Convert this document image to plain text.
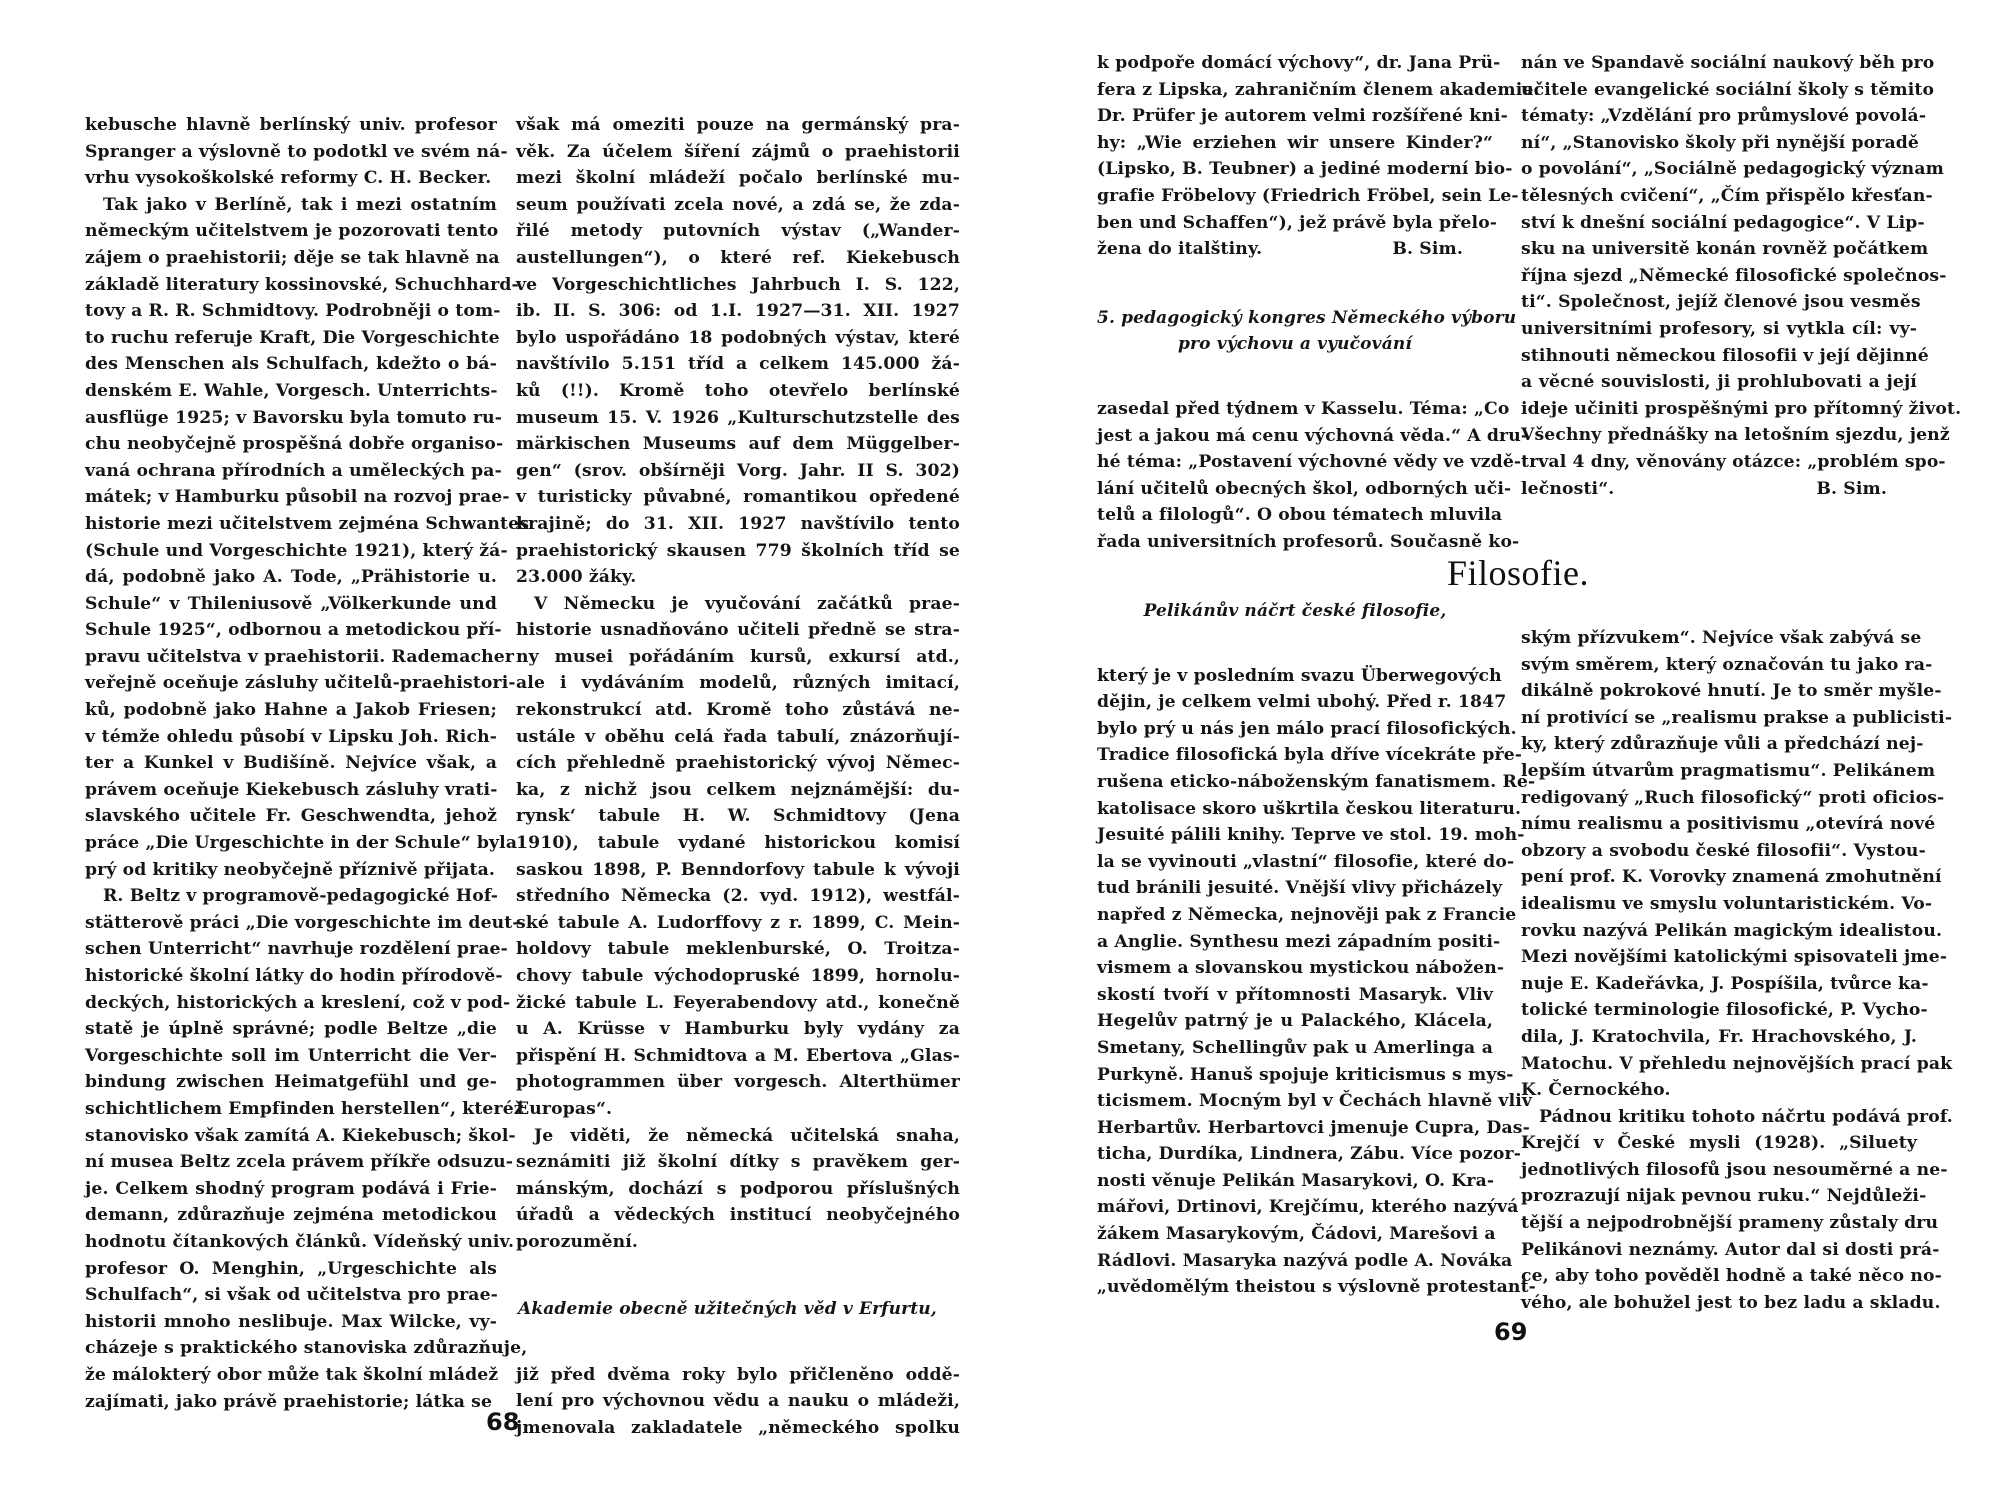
kebusche hlavně berlínský univ. profesor
Spranger a výslovně to podotkl ve svém ná-
vrhu vysokoškolské reformy C. H. Becker.
Tak jako v Berlíně, tak i mezi ostatním
německým učitelstvem je pozorovati tento
zájem o praehistorii; děje se tak hlavně na
základě literatury kossinovské, Schuchhard-
tovy a R. R. Schmidtovy. Podrobněji o tom-
to ruchu referuje Kraft, Die Vorgeschichte
des Menschen als Schulfach, kdežto o bá-
denském E. Wahle, Vorgesch. Unterrichts-
ausflüge 1925; v Bavorsku byla tomuto ru-
chu neobyčejně prospěšná dobře organiso-
vaná ochrana přírodních a uměleckých pa-
mátek; v Hamburku působil na rozvoj prae-
historie mezi učitelstvem zejména Schwantes
(Schule und Vorgeschichte 1921), který žá-
dá, podobně jako A. Tode, „Prähistorie u.
Schule“ v Thileniusově „Völkerkunde und
Schule 1925“, odbornou a metodickou pří-
pravu učitelstva v praehistorii. Rademacher
veřejně oceňuje zásluhy učitelů-praehistori-
ků, podobně jako Hahne a Jakob Friesen;
v témže ohledu působí v Lipsku Joh. Rich-
ter a Kunkel v Budišíně. Nejvíce však, a
právem oceňuje Kiekebusch zásluhy vrati-
slavského učitele Fr. Geschwendta, jehož
práce „Die Urgeschichte in der Schule“ byla
prý od kritiky neobyčejně příznivě přijata.
R. Beltz v programově-pedagogické Hof-
stätterově práci „Die vorgeschichte im deut-
schen Unterricht“ navrhuje rozdělení prae-
historické školní látky do hodin přírodově-
deckých, historických a kreslení, což v pod-
statě je úplně správné; podle Beltze „die
Vorgeschichte soll im Unterricht die Ver-
bindung zwischen Heimatgefühl und ge-
schichtlichem Empfinden herstellen“, kteréž
stanovisko však zamítá A. Kiekebusch; škol-
ní musea Beltz zcela právem příkře odsuzu-
je. Celkem shodný program podává i Frie-
demann, zdůrazňuje zejména metodickou
hodnotu čítankových článků. Vídeňský univ.
profesor O. Menghin, „Urgeschichte als
Schulfach“, si však od učitelstva pro prae-
historii mnoho neslibuje. Max Wilcke, vy-
cházeje s praktického stanoviska zdůrazňuje,
že málokterý obor může tak školní mládež
zajímati, jako právě praehistorie; látka se
však má omeziti pouze na germánský pra-
věk. Za účelem šíření zájmů o praehistorii
mezi školní mládeží počalo berlínské mu-
seum používati zcela nové, a zdá se, že zda-
řilé metody putovních výstav („Wander-
austellungen“), o které ref. Kiekebusch
ve Vorgeschichtliches Jahrbuch I. S. 122,
ib. II. S. 306: od 1.I. 1927—31. XII. 1927
bylo uspořádáno 18 podobných výstav, které
navštívilo 5.151 tříd a celkem 145.000 žá-
ků (!!). Kromě toho otevřelo berlínské
museum 15. V. 1926 „Kulturschutzstelle des
märkischen Museums auf dem Müggelber-
gen“ (srov. obšírněji Vorg. Jahr. II S. 302)
v turisticky půvabné, romantikou opředené
krajině; do 31. XII. 1927 navštívilo tento
praehistorický skausen 779 školních tříd se
23.000 žáky.
V Německu je vyučování začátků prae-
historie usnadňováno učiteli předně se stra-
ny musei pořádáním kursů, exkursí atd.,
ale i vydáváním modelů, různých imitací,
rekonstrukcí atd. Kromě toho zůstává ne-
ustále v oběhu celá řada tabulí, znázorňují-
cích přehledně praehistorický vývoj Němec-
ka, z nichž jsou celkem nejznámější: du-
rynsk‘ tabule H. W. Schmidtovy (Jena
1910), tabule vydané historickou komisí
saskou 1898, P. Benndorfovy tabule k vývoji
středního Německa (2. vyd. 1912), westfál-
ské tabule A. Ludorffovy z r. 1899, C. Mein-
holdovy tabule meklenburské, O. Troitza-
chovy tabule východopruské 1899, hornolu-
žické tabule L. Feyerabendovy atd., konečně
u A. Krüsse v Hamburku byly vydány za
přispění H. Schmidtova a M. Ebertova „Glas-
photogrammen über vorgesch. Alterthümer
Europas“.
Je viděti, že německá učitelská snaha,
seznámiti již školní dítky s pravěkem ger-
mánským, dochází s podporou příslušných
úřadů a vědeckých institucí neobyčejného
porozumění.
Akademie obecně užitečných věd v Erfurtu,
již před dvěma roky bylo přičleněno oddě-
lení pro výchovnou vědu a nauku o mládeži,
jmenovala zakladatele „německého spolku
68
k podpoře domácí výchovy“, dr. Jana Prü-
fera z Lipska, zahraničním členem akademie.
Dr. Prüfer je autorem velmi rozšířené kni-
hy: „Wie erziehen wir unsere Kinder?“
(Lipsko, B. Teubner) a jediné moderní bio-
grafie Fröbelovy (Friedrich Fröbel, sein Le-
ben und Schaffen“), jež právě byla přelo-
žena do italštiny.	B. Sim.
5. pedagogický kongres Německého výboru
pro výchovu a vyučování
zasedal před týdnem v Kasselu. Téma: „Co
jest a jakou má cenu výchovná věda.“ A dru-
hé téma: „Postavení výchovné vědy ve vzdě-
lání učitelů obecných škol, odborných uči-
telů a filologů“. O obou tématech mluvila
řada universitních profesorů. Současně ko-
nán ve Spandavě sociální naukový běh pro
učitele evangelické sociální školy s těmito
tématy: „Vzdělání pro průmyslové povolá-
ní“, „Stanovisko školy při nynější poradě
o povolání“, „Sociálně pedagogický význam
tělesných cvičení“, „Čím přispělo křesťan-
ství k dnešní sociální pedagogice“. V Lip-
sku na universitě konán rovněž počátkem
října sjezd „Německé filosofické společnos-
ti“. Společnost, jejíž členové jsou vesměs
universitními profesory, si vytkla cíl: vy-
stihnouti německou filosofii v její dějinné
a věcné souvislosti, ji prohlubovati a její
ideje učiniti prospěšnými pro přítomný život.
Všechny přednášky na letošním sjezdu, jenž
trval 4 dny, věnovány otázce: „problém spo-
lečnosti“.	B. Sim.
Filosofie.
Pelikánův náčrt české filosofie,
který je v posledním svazu Überwegových
dějin, je celkem velmi ubohý. Před r. 1847
bylo prý u nás jen málo prací filosofických.
Tradice filosofická byla dříve vícekráte pře-
rušena eticko-náboženským fanatismem. Re-
katolisace skoro uškrtila českou literaturu.
Jesuité pálili knihy. Teprve ve stol. 19. moh-
la se vyvinouti „vlastní“ filosofie, které do-
tud bránili jesuité. Vnější vlivy přicházely
napřed z Německa, nejnověji pak z Francie
a Anglie. Synthesu mezi západním positi-
vismem a slovanskou mystickou nábožen-
skostí tvoří v přítomnosti Masaryk. Vliv
Hegelův patrný je u Palackého, Klácela,
Smetany, Schellingův pak u Amerlinga a
Purkyně. Hanuš spojuje kriticismus s mys-
ticismem. Mocným byl v Čechách hlavně vliv
Herbartův. Herbartovci jmenuje Cupra, Das-
ticha, Durdíka, Lindnera, Zábu. Více pozor-
nosti věnuje Pelikán Masarykovi, O. Kra-
mářovi, Drtinovi, Krejčímu, kterého nazývá
žákem Masarykovým, Čádovi, Marešovi a
Rádlovi. Masaryka nazývá podle A. Nováka
„uvědomělým theistou s výslovně protestant-
ským přízvukem“. Nejvíce však zabývá se
svým směrem, který označován tu jako ra-
dikálně pokrokové hnutí. Je to směr myšle-
ní protivící se „realismu prakse a publicisti-
ky, který zdůrazňuje vůli a předchází nej-
lepším útvarům pragmatismu“. Pelikánem
redigovaný „Ruch filosofický“ proti oficios-
nímu realismu a positivismu „otevírá nové
obzory a svobodu české filosofii“. Vystou-
pení prof. K. Vorovky znamená zmohutnění
idealismu ve smyslu voluntaristickém. Vo-
rovku nazývá Pelikán magickým idealistou.
Mezi novějšími katolickými spisovateli jme-
nuje E. Kadeřávka, J. Pospíšila, tvůrce ka-
tolické terminologie filosofické, P. Vycho-
dila, J. Kratochvila, Fr. Hrachovského, J.
Matochu. V přehledu nejnovějších prací pak
K. Černockého.
Pádnou kritiku tohoto náčrtu podává prof.
Krejčí v České mysli (1928). „Siluety
jednotlivých filosofů jsou nesouměrné a ne-
prozrazují nijak pevnou ruku.“ Nejdůleži-
tější a nejpodrobnější prameny zůstaly dru
Pelikánovi neznámy. Autor dal si dosti prá-
ce, aby toho pověděl hodně a také něco no-
vého, ale bohužel jest to bez ladu a skladu.
69
